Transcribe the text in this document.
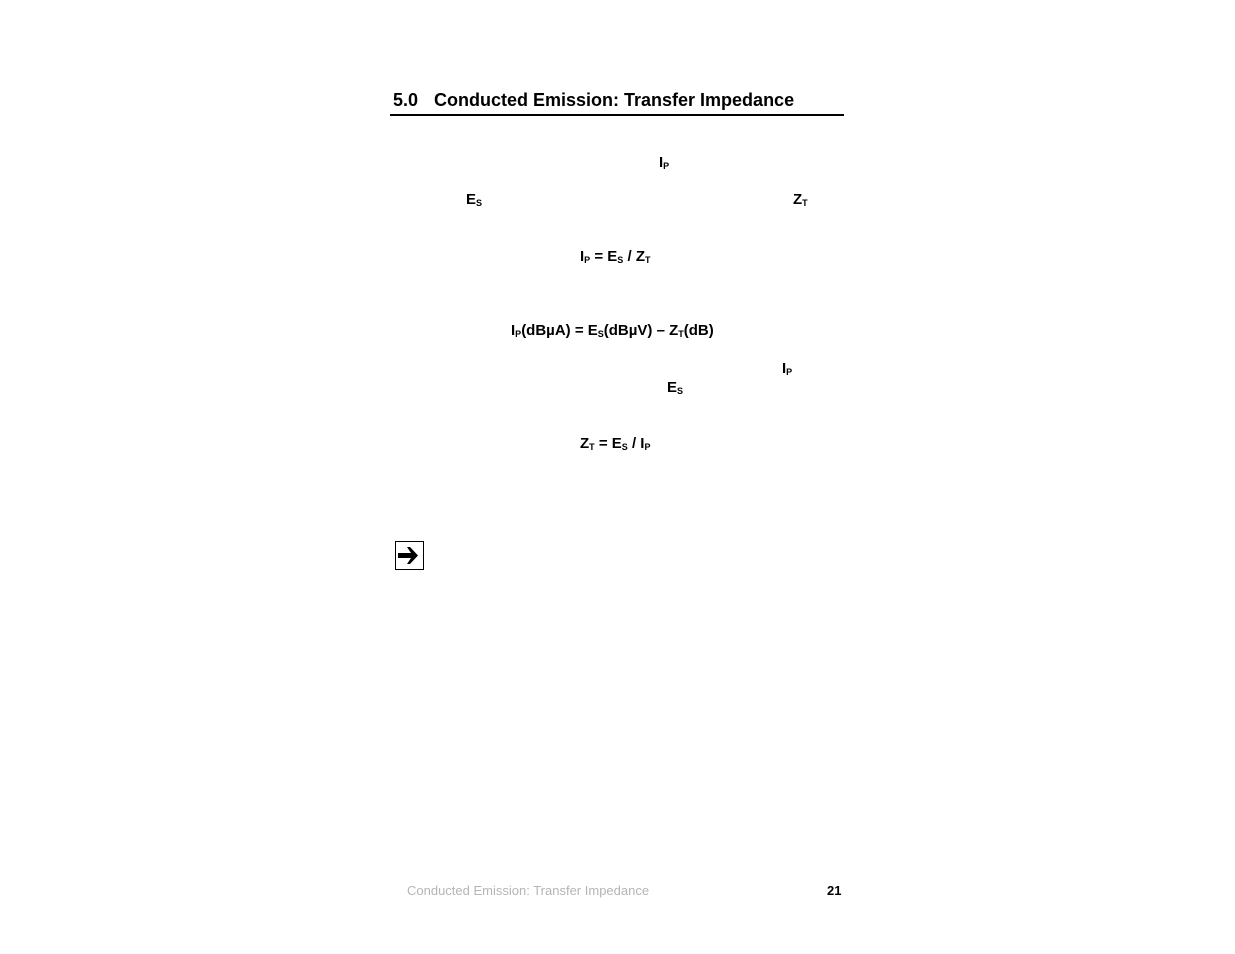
5.0 Conducted Emission: Transfer Impedance
$I_P$
$E_S$	$Z_T$
$I_P = E_S / Z_T$
$I_P(dB\mu A) = E_S(dB\mu V) - Z_T(dB)$
$I_P$
$E_S$
$Z_T = E_S / I_P$
Conducted Emission: Transfer Impedance	21
